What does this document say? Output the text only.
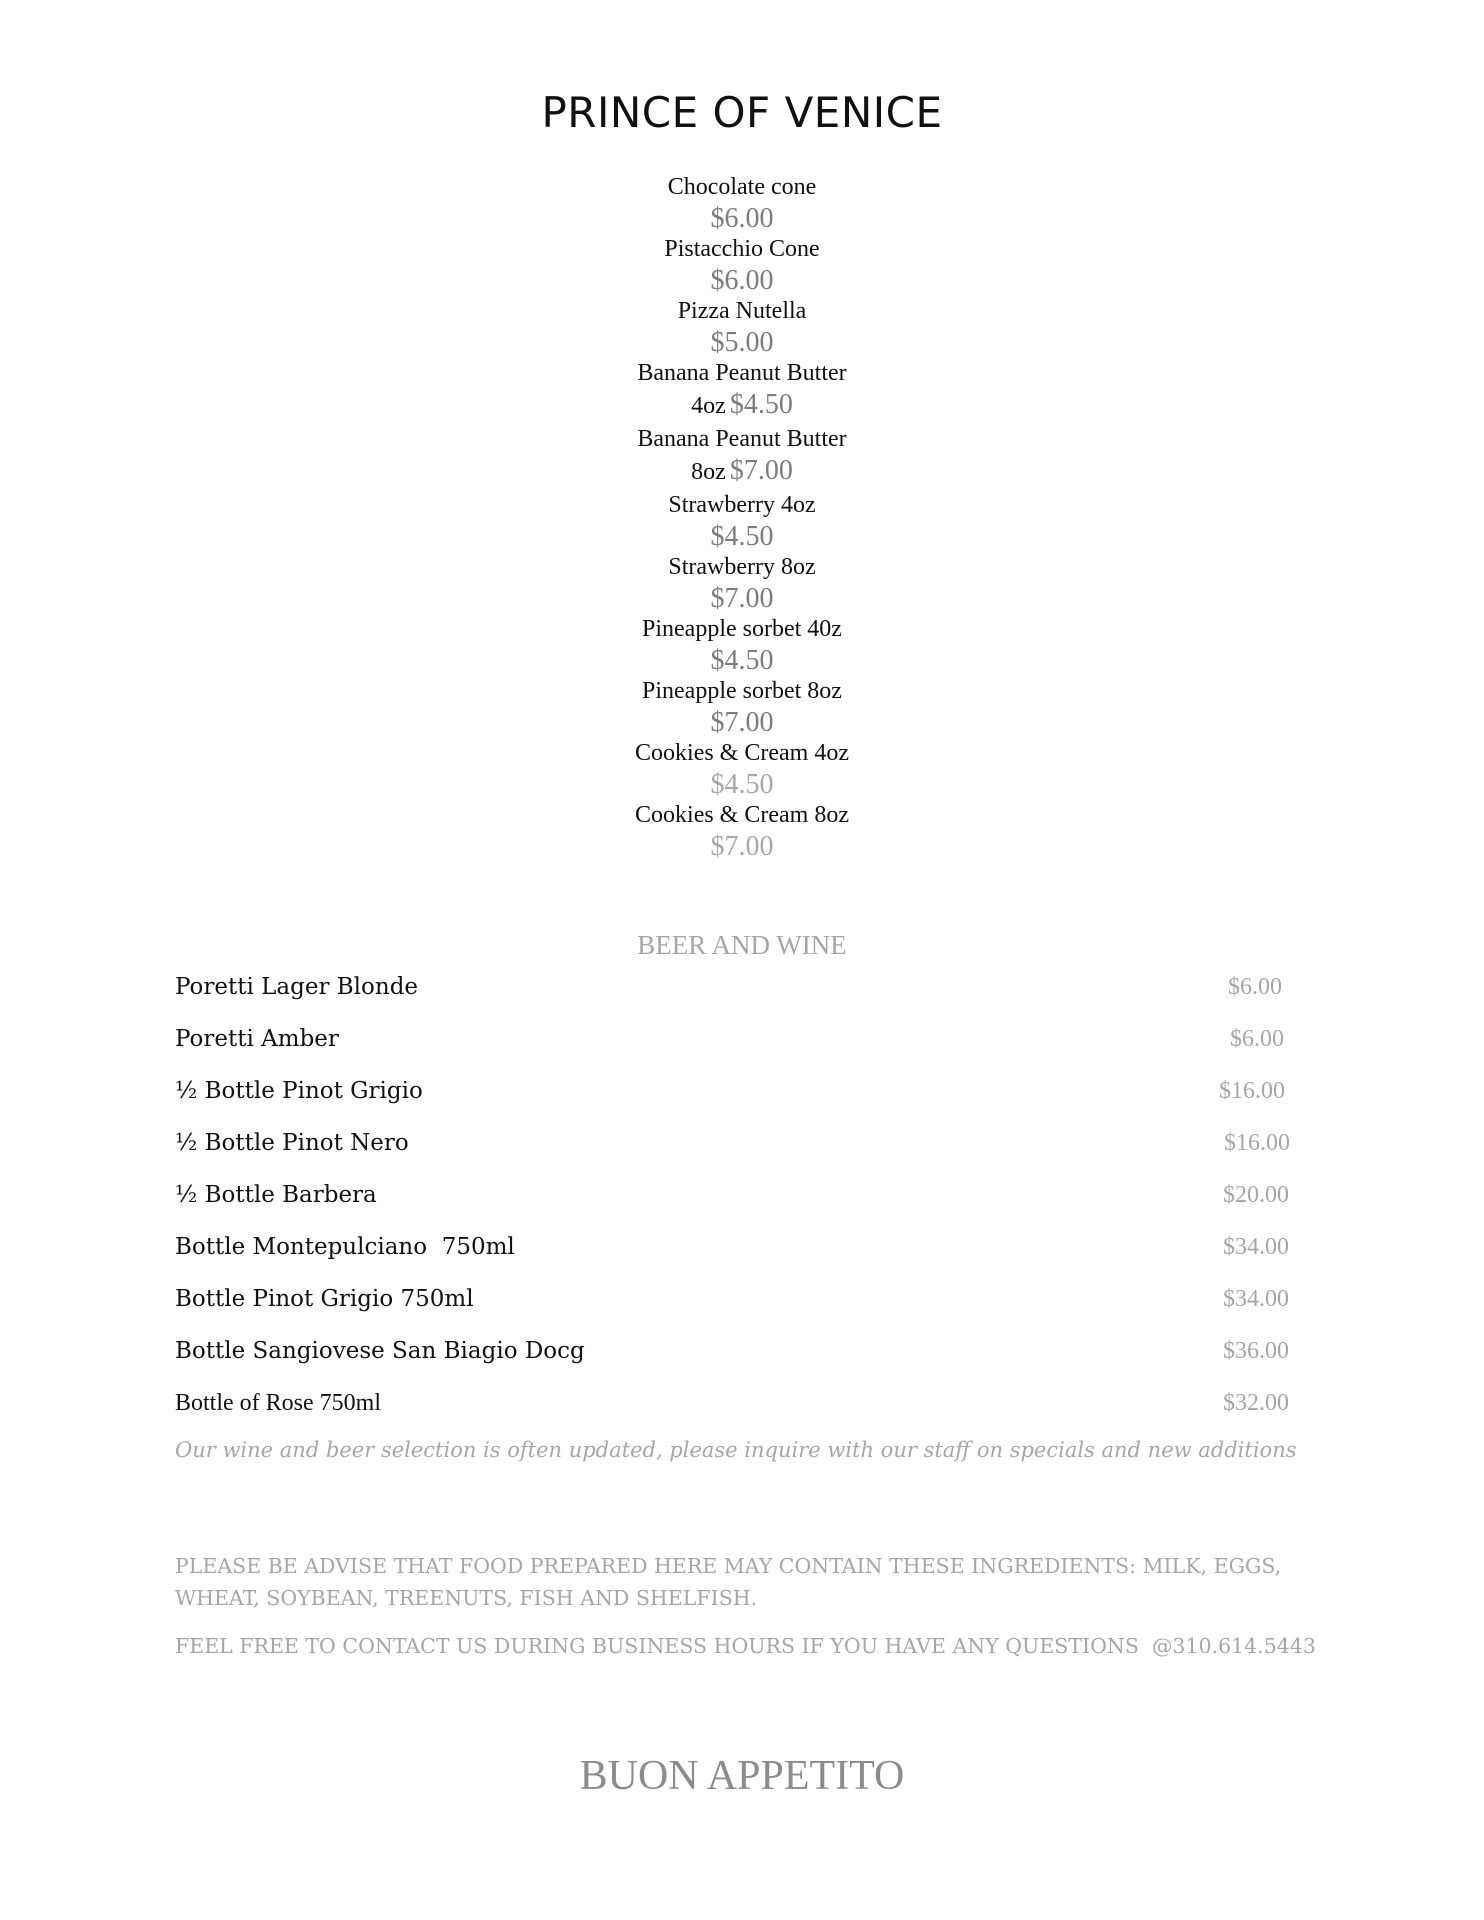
PRINCE OF VENICE
Chocolate cone
$6.00
Pistacchio Cone
$6.00
Pizza Nutella
$5.00
Banana Peanut Butter
4oz $4.50
Banana Peanut Butter
8oz $7.00
Strawberry 4oz
$4.50
Strawberry 8oz
$7.00
Pineapple sorbet 40z
$4.50
Pineapple sorbet 8oz
$7.00
Cookies & Cream 4oz
$4.50
Cookies & Cream 8oz
$7.00
BEER AND WINE
Poretti Lager Blonde	$6.00
Poretti Amber	$6.00
½ Bottle Pinot Grigio	$16.00
½ Bottle Pinot Nero	$16.00
½ Bottle Barbera	$20.00
Bottle Montepulciano  750ml	$34.00
Bottle Pinot Grigio 750ml	$34.00
Bottle Sangiovese San Biagio Docg	$36.00
Bottle of Rose 750ml	$32.00
Our wine and beer selection is often updated, please inquire with our staff on specials and new additions
PLEASE BE ADVISE THAT FOOD PREPARED HERE MAY CONTAIN THESE INGREDIENTS: MILK, EGGS, WHEAT, SOYBEAN, TREENUTS, FISH AND SHELFISH.
FEEL FREE TO CONTACT US DURING BUSINESS HOURS IF YOU HAVE ANY QUESTIONS  @310.614.5443
BUON APPETITO
